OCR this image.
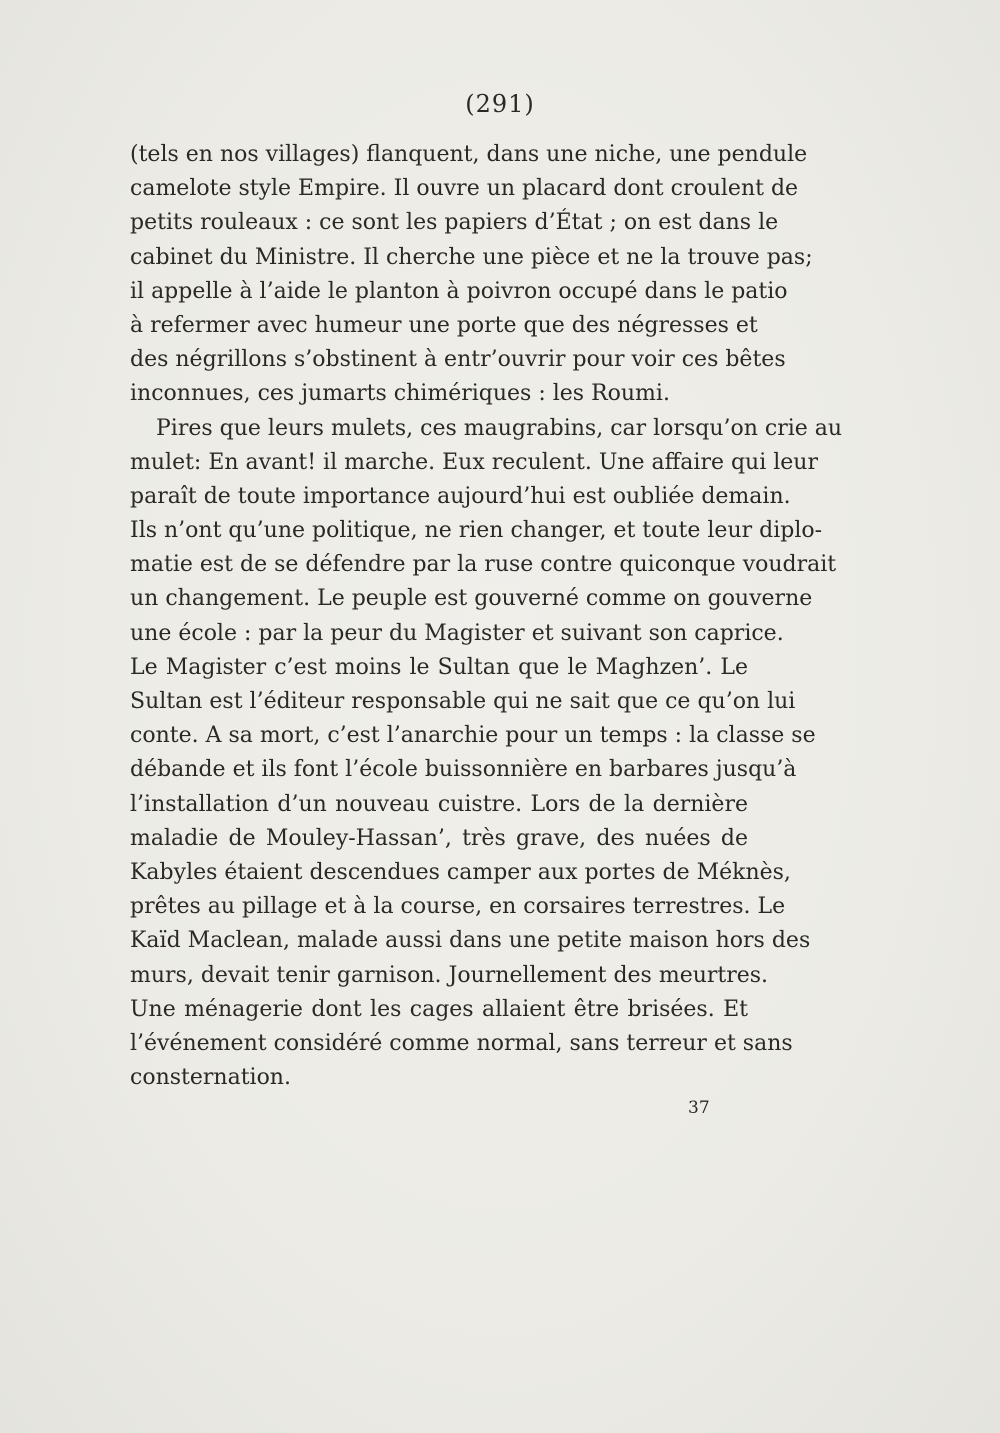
(291)
(tels en nos villages) flanquent, dans une niche, une pendule
camelote style Empire. Il ouvre un placard dont croulent de
petits rouleaux : ce sont les papiers d’État ; on est dans le
cabinet du Ministre. Il cherche une pièce et ne la trouve pas;
il appelle à l’aide le planton à poivron occupé dans le patio
à refermer avec humeur une porte que des négresses et
des négrillons s’obstinent à entr’ouvrir pour voir ces bêtes
inconnues, ces jumarts chimériques : les Roumi.
Pires que leurs mulets, ces maugrabins, car lorsqu’on crie au
mulet: En avant! il marche. Eux reculent. Une affaire qui leur
paraît de toute importance aujourd’hui est oubliée demain.
Ils n’ont qu’une politique, ne rien changer, et toute leur diplo-
matie est de se défendre par la ruse contre quiconque voudrait
un changement. Le peuple est gouverné comme on gouverne
une école : par la peur du Magister et suivant son caprice.
Le Magister c’est moins le Sultan que le Maghzen’. Le
Sultan est l’éditeur responsable qui ne sait que ce qu’on lui
conte. A sa mort, c’est l’anarchie pour un temps : la classe se
débande et ils font l’école buissonnière en barbares jusqu’à
l’installation d’un nouveau cuistre. Lors de la dernière
maladie de Mouley-Hassan’, très grave, des nuées de
Kabyles étaient descendues camper aux portes de Méknès,
prêtes au pillage et à la course, en corsaires terrestres. Le
Kaïd Maclean, malade aussi dans une petite maison hors des
murs, devait tenir garnison. Journellement des meurtres.
Une ménagerie dont les cages allaient être brisées. Et
l’événement considéré comme normal, sans terreur et sans
consternation.
37
